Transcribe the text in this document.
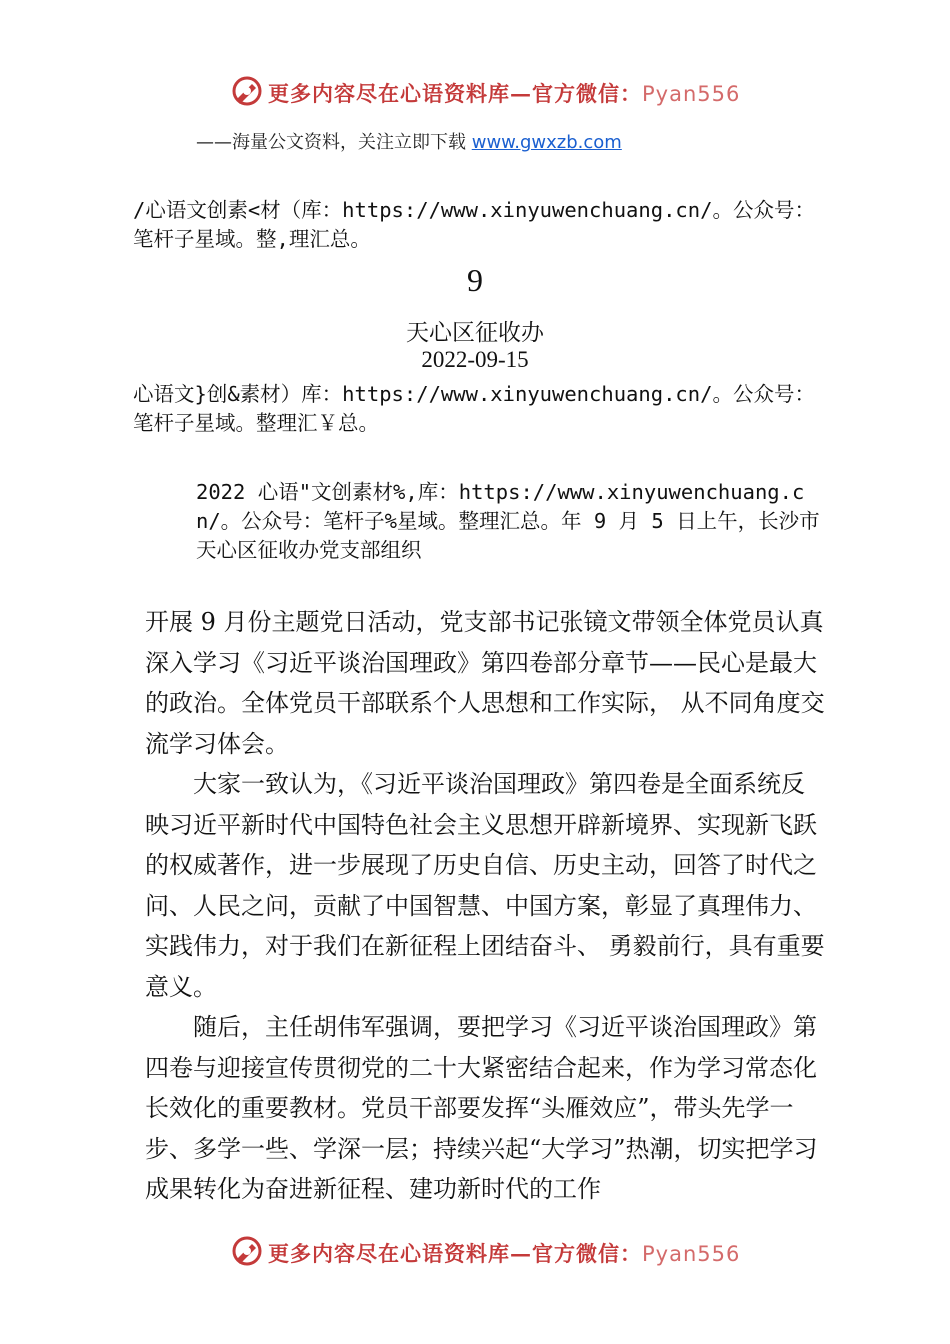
更多内容尽在心语资料库—官方微信：Pyan556
——海量公文资料，关注立即下载 www.gwxzb.com
/心语文创素<材（库：https://www.xinyuwenchuang.cn/。公众号：笔杆子星域。整,理汇总。
9
天心区征收办
2022-09-15
心语文}创&素材）库：https://www.xinyuwenchuang.cn/。公众号：笔杆子星域。整理汇￥总。
2022 心语"文创素材%,库：https://www.xinyuwenchuang.cn/。公众号：笔杆子%星域。整理汇总。年 9 月 5 日上午，长沙市天心区征收办党支部组织

开展 9 月份主题党日活动，党支部书记张镜文带领全体党员认真深入学习《习近平谈治国理政》第四卷部分章节——民心是最大的政治。全体党员干部联系个人思想和工作实际， 从不同角度交流学习体会。

大家一致认为，《习近平谈治国理政》第四卷是全面系统反映习近平新时代中国特色社会主义思想开辟新境界、实现新飞跃的权威著作，进一步展现了历史自信、历史主动，回答了时代之问、人民之问，贡献了中国智慧、中国方案，彰显了真理伟力、实践伟力，对于我们在新征程上团结奋斗、 勇毅前行，具有重要意义。

随后，主任胡伟军强调，要把学习《习近平谈治国理政》第四卷与迎接宣传贯彻党的二十大紧密结合起来，作为学习常态化长效化的重要教材。党员干部要发挥“头雁效应”，带头先学一步、多学一些、学深一层；持续兴起“大学习”热潮，切实把学习成果转化为奋进新征程、建功新时代的工作

更多内容尽在心语资料库—官方微信：Pyan556
